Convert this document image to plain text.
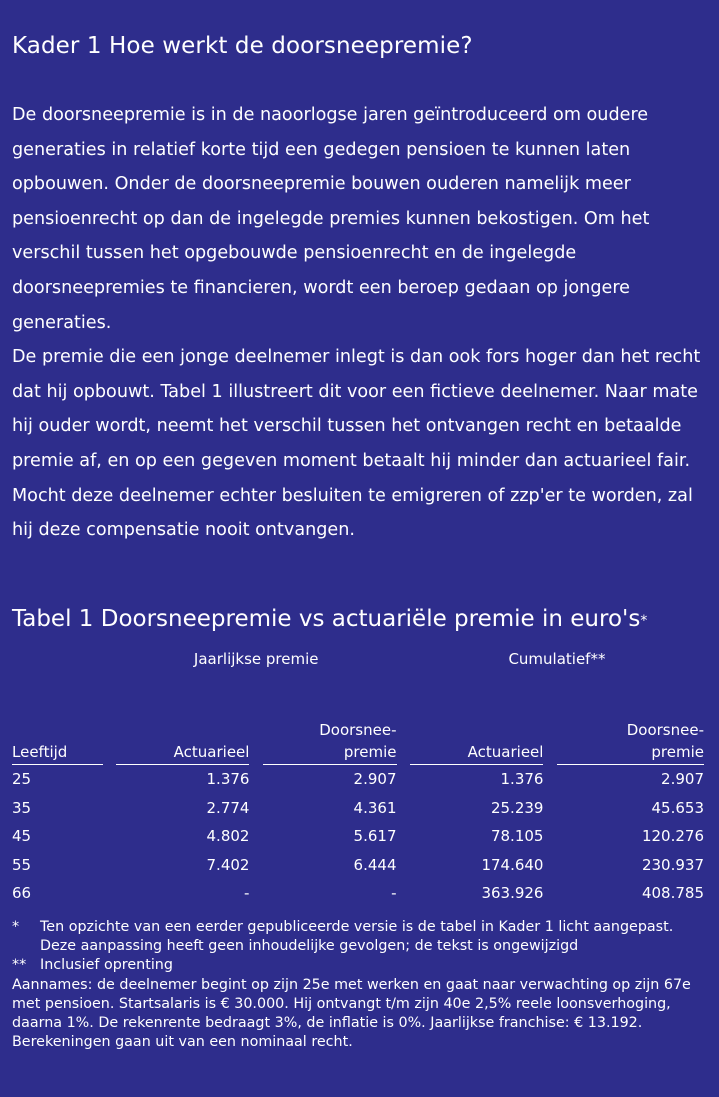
Kader 1 Hoe werkt de doorsneepremie?

De doorsneepremie is in de naoorlogse jaren geïntroduceerd om oudere generaties in relatief korte tijd een gedegen pensioen te kunnen laten opbouwen. Onder de doorsneepremie bouwen ouderen namelijk meer pensioenrecht op dan de ingelegde premies kunnen bekostigen. Om het verschil tussen het opgebouwde pensioenrecht en de ingelegde doorsneepremies te financieren, wordt een beroep gedaan op jongere generaties.

De premie die een jonge deelnemer inlegt is dan ook fors hoger dan het recht dat hij opbouwt. Tabel 1 illustreert dit voor een fictieve deelnemer. Naar mate hij ouder wordt, neemt het verschil tussen het ontvangen recht en betaalde premie af, en op een gegeven moment betaalt hij minder dan actuarieel fair. Mocht deze deelnemer echter besluiten te emigreren of zzp'er te worden, zal hij deze compensatie nooit ontvangen.

Tabel 1 Doorsneepremie vs actuariële premie in euro's*
		Jaarlijkse premie				Cumulatief**		

				Doorsnee-				Doorsnee-

Leeftijd		Actuarieel		premie		Actuarieel		premie

25		1.376		2.907		1.376		2.907
35		2.774		4.361		25.239		45.653
45		4.802		5.617		78.105		120.276
55		7.402		6.444		174.640		230.937
66		-		-		363.926		408.785
*	Ten opzichte van een eerder gepubliceerde versie is de tabel in Kader 1 licht aangepast. Deze aanpassing heeft geen inhoudelijke gevolgen; de tekst is ongewijzigd
** Inclusief oprenting
Aannames: de deelnemer begint op zijn 25e met werken en gaat naar verwachting op zijn 67e met pensioen. Startsalaris is € 30.000. Hij ontvangt t/m zijn 40e 2,5% reele loonsverhoging, daarna 1%. De rekenrente bedraagt 3%, de inflatie is 0%. Jaarlijkse franchise: € 13.192. Berekeningen gaan uit van een nominaal recht.
